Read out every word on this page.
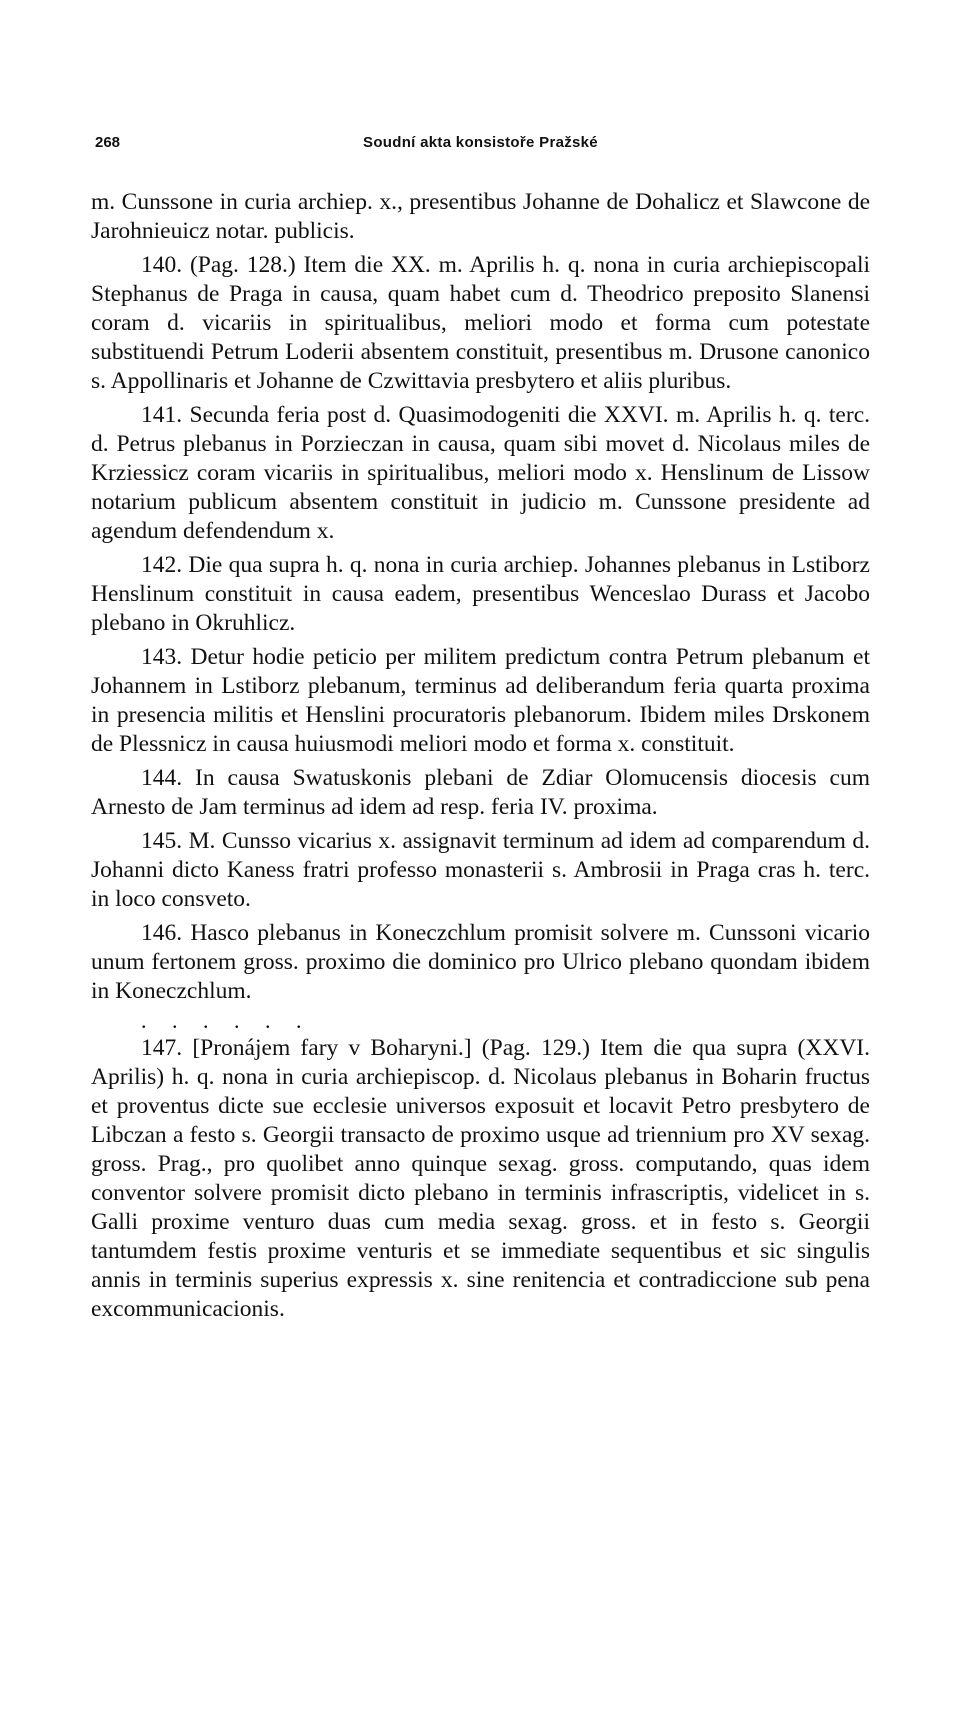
268	Soudní akta konsistoře Pražské

m. Cunssone in curia archiep. x., presentibus Johanne de Dohalicz et Slawcone de Jarohnieuicz notar. publicis.

140. (Pag. 128.) Item die XX. m. Aprilis h. q. nona in curia archiepiscopali Stephanus de Praga in causa, quam habet cum d. Theodrico preposito Slanensi coram d. vicariis in spiritualibus, meliori modo et forma cum potestate substituendi Petrum Loderii absentem constituit, presentibus m. Drusone canonico s. Appollinaris et Johanne de Czwittavia presbytero et aliis pluribus.

141. Secunda feria post d. Quasimodogeniti die XXVI. m. Aprilis h. q. terc. d. Petrus plebanus in Porzieczan in causa, quam sibi movet d. Nicolaus miles de Krziessicz coram vicariis in spiritualibus, meliori modo x. Henslinum de Lissow notarium publicum absentem constituit in judicio m. Cunssone presidente ad agendum defendendum x.

142. Die qua supra h. q. nona in curia archiep. Johannes plebanus in Lstiborz Henslinum constituit in causa eadem, presentibus Wenceslao Durass et Jacobo plebano in Okruhlicz.

143. Detur hodie peticio per militem predictum contra Petrum plebanum et Johannem in Lstiborz plebanum, terminus ad deliberandum feria quarta proxima in presencia militis et Henslini procuratoris plebanorum. Ibidem miles Drskonem de Plessnicz in causa huiusmodi meliori modo et forma x. constituit.

144. In causa Swatuskonis plebani de Zdiar Olomucensis diocesis cum Arnesto de Jam terminus ad idem ad resp. feria IV. proxima.

145. M. Cunsso vicarius x. assignavit terminum ad idem ad comparendum d. Johanni dicto Kaness fratri professo monasterii s. Ambrosii in Praga cras h. terc. in loco consveto.

146. Hasco plebanus in Koneczchlum promisit solvere m. Cunssoni vicario unum fertonem gross. proximo die dominico pro Ulrico plebano quondam ibidem in Koneczchlum.

. . . . . .

147. [Pronájem fary v Boharyni.] (Pag. 129.) Item die qua supra (XXVI. Aprilis) h. q. nona in curia archiepiscop. d. Nicolaus plebanus in Boharin fructus et proventus dicte sue ecclesie universos exposuit et locavit Petro presbytero de Libczan a festo s. Georgii transacto de proximo usque ad triennium pro XV sexag. gross. Prag., pro quolibet anno quinque sexag. gross. computando, quas idem conventor solvere promisit dicto plebano in terminis infrascriptis, videlicet in s. Galli proxime venturo duas cum media sexag. gross. et in festo s. Georgii tantumdem festis proxime venturis et se immediate sequentibus et sic singulis annis in terminis superius expressis x. sine renitencia et contradiccione sub pena excommunicacionis.
